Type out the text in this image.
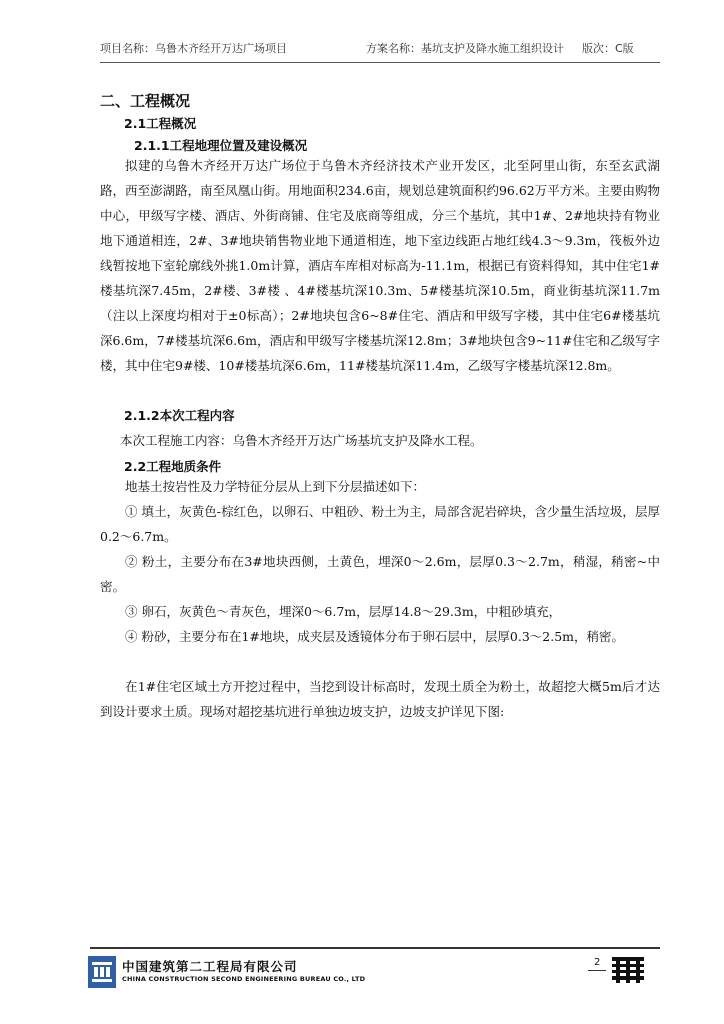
项目名称：乌鲁木齐经开万达广场项目	方案名称：基坑支护及降水施工组织设计 版次：C版
二、工程概况
2.1工程概况
2.1.1工程地理位置及建设概况
拟建的乌鲁木齐经开万达广场位于乌鲁木齐经济技术产业开发区，北至阿里山街，东至玄武湖路，西至澎湖路，南至凤凰山街。用地面积234.6亩，规划总建筑面积约96.62万平方米。主要由购物中心，甲级写字楼、酒店、外街商铺、住宅及底商等组成，分三个基坑，其中1#、2#地块持有物业地下通道相连，2#、3#地块销售物业地下通道相连，地下室边线距占地红线4.3～9.3m，筏板外边线暂按地下室轮廓线外挑1.0m计算，酒店车库相对标高为-11.1m，根据已有资料得知，其中住宅1#楼基坑深7.45m，2#楼、3#楼 、4#楼基坑深10.3m、5#楼基坑深10.5m，商业街基坑深11.7m（注以上深度均相对于±0标高）；2#地块包含6~8#住宅、酒店和甲级写字楼，其中住宅6#楼基坑深6.6m，7#楼基坑深6.6m，酒店和甲级写字楼基坑深12.8m；3#地块包含9~11#住宅和乙级写字楼，其中住宅9#楼、10#楼基坑深6.6m，11#楼基坑深11.4m，乙级写字楼基坑深12.8m。
2.1.2本次工程内容
本次工程施工内容：乌鲁木齐经开万达广场基坑支护及降水工程。
2.2工程地质条件
地基土按岩性及力学特征分层从上到下分层描述如下：
① 填土，灰黄色-棕红色，以卵石、中粗砂、粉土为主，局部含泥岩碎块，含少量生活垃圾，层厚0.2～6.7m。
② 粉土，主要分布在3#地块西侧，土黄色，埋深0～2.6m，层厚0.3～2.7m，稍湿，稍密~中密。
③ 卵石，灰黄色～青灰色，埋深0～6.7m，层厚14.8～29.3m，中粗砂填充，
④ 粉砂，主要分布在1#地块，成夹层及透镜体分布于卵石层中，层厚0.3～2.5m，稍密。
在1#住宅区域土方开挖过程中，当挖到设计标高时，发现土质全为粉土，故超挖大概5m后才达到设计要求土质。现场对超挖基坑进行单独边坡支护，边坡支护详见下图:
中国建筑第二工程局有限公司
CHINA CONSTRUCTION SECOND ENGINEERING BUREAU CO., LTD
2
